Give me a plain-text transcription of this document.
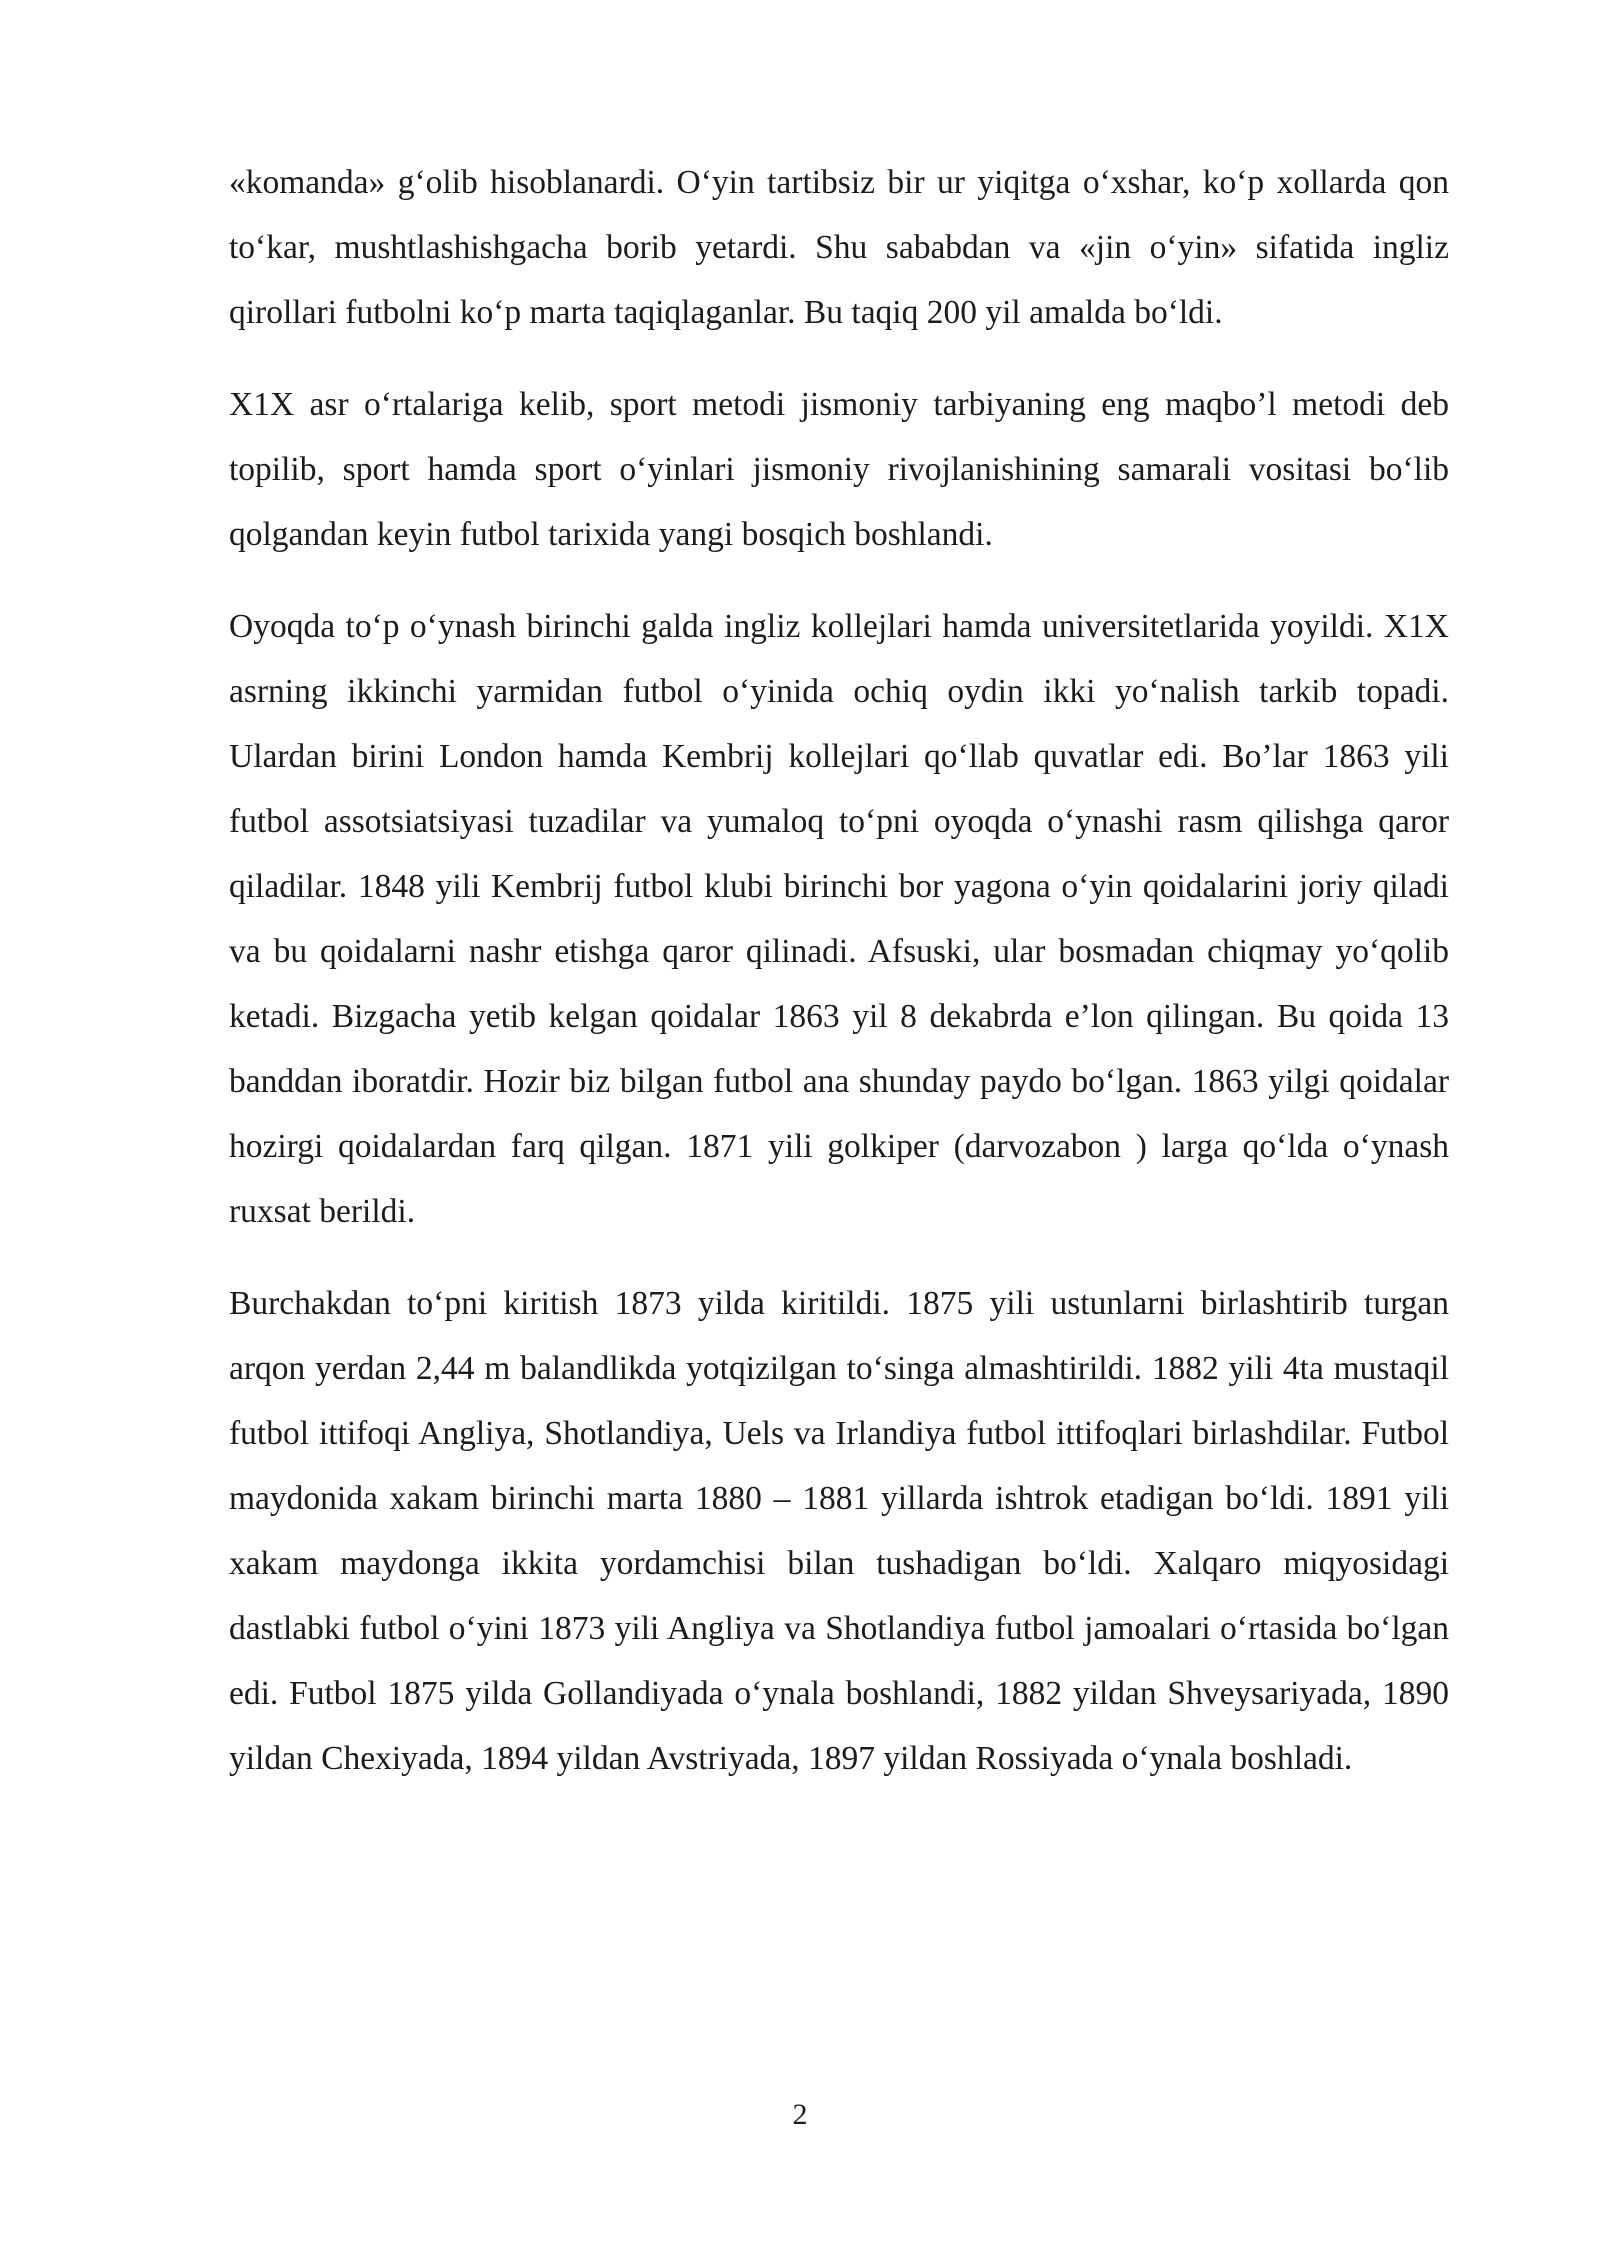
«komanda» gʻolib hisoblanardi. Oʻyin tartibsiz bir ur yiqitga oʻxshar, koʻp xollarda qon toʻkar, mushtlashishgacha borib yetardi. Shu sababdan va «jin oʻyin» sifatida ingliz qirollari futbolni koʻp marta taqiqlaganlar. Bu taqiq 200 yil amalda boʻldi.

X1X asr oʻrtalariga kelib, sport metodi jismoniy tarbiyaning eng maqbo’l metodi deb topilib, sport hamda sport oʻyinlari jismoniy rivojlanishining samarali vositasi boʻlib qolgandan keyin futbol tarixida yangi bosqich boshlandi.

Oyoqda toʻp oʻynash birinchi galda ingliz kollejlari hamda universitetlarida yoyildi. X1X asrning ikkinchi yarmidan futbol oʻyinida ochiq oydin ikki yoʻnalish tarkib topadi. Ulardan birini London hamda Kembrij kollejlari qoʻllab quvatlar edi. Bo’lar 1863 yili futbol assotsiatsiyasi tuzadilar va yumaloq toʻpni oyoqda oʻynashi rasm qilishga qaror qiladilar. 1848 yili Kembrij futbol klubi birinchi bor yagona oʻyin qoidalarini joriy qiladi va bu qoidalarni nashr etishga qaror qilinadi. Afsuski, ular bosmadan chiqmay yoʻqolib ketadi. Bizgacha yetib kelgan qoidalar 1863 yil 8 dekabrda e’lon qilingan. Bu qoida 13 banddan iboratdir. Hozir biz bilgan futbol ana shunday paydo boʻlgan. 1863 yilgi qoidalar hozirgi qoidalardan farq qilgan. 1871 yili golkiper (darvozabon ) larga qoʻlda oʻynash ruxsat berildi.

Burchakdan toʻpni kiritish 1873 yilda kiritildi. 1875 yili ustunlarni birlashtirib turgan arqon yerdan 2,44 m balandlikda yotqizilgan toʻsinga almashtirildi. 1882 yili 4ta mustaqil futbol ittifoqi Angliya, Shotlandiya, Uels va Irlandiya futbol ittifoqlari birlashdilar. Futbol maydonida xakam birinchi marta 1880 – 1881 yillarda ishtrok etadigan boʻldi. 1891 yili xakam maydonga ikkita yordamchisi bilan tushadigan boʻldi. Xalqaro miqyosidagi dastlabki futbol oʻyini 1873 yili Angliya va Shotlandiya futbol jamoalari oʻrtasida boʻlgan edi. Futbol 1875 yilda Gollandiyada oʻynala boshlandi, 1882 yildan Shveysariyada, 1890 yildan Chexiyada, 1894 yildan Avstriyada, 1897 yildan Rossiyada oʻynala boshladi.

2
